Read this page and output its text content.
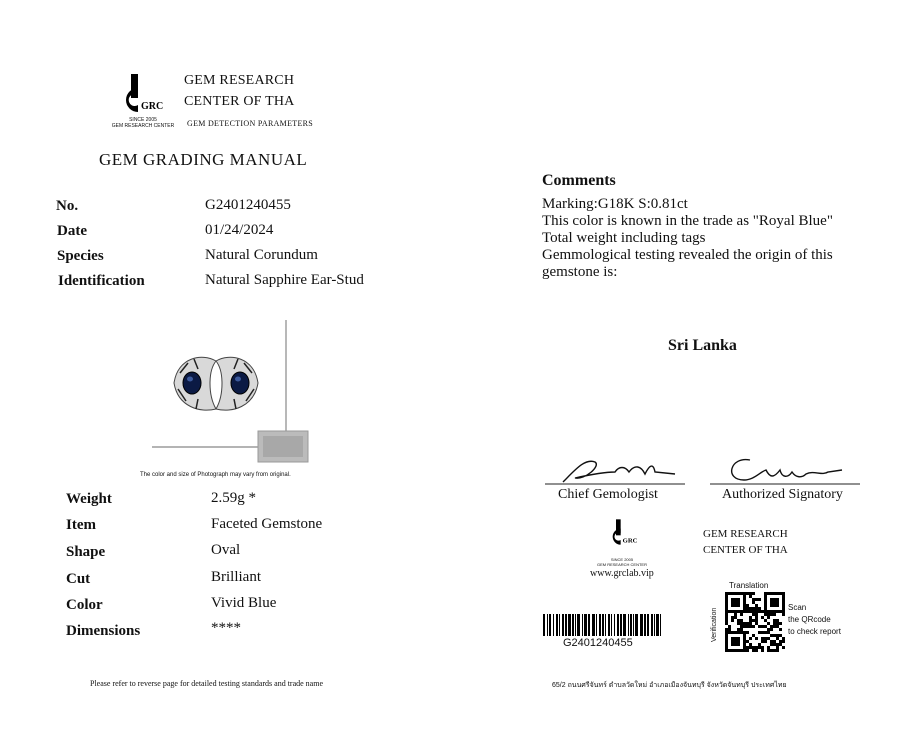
GRC
SINCE 2005
GEM RESEARCH CENTER
GEM RESEARCH
CENTER OF THA
GEM DETECTION PARAMETERS
GEM GRADING MANUAL
No.	G2401240455
Date	01/24/2024
Species	Natural Corundum
Identification	Natural Sapphire Ear-Stud
The color and size of Photograph may vary from original.
Weight	2.59g *
Item	Faceted Gemstone
Shape	Oval
Cut	Brilliant
Color	Vivid Blue
Dimensions	****
Please refer to reverse page for detailed testing standards and trade name
Comments
Marking:G18K S:0.81ct
This color is known in the trade as "Royal Blue"
Total weight including tags
Gemmological testing revealed the origin of this
gemstone is:
Sri Lanka
Chief Gemologist	Authorized Signatory
GRC
SINCE 2005
GEM RESEARCH CENTER
www.grclab.vip
GEM RESEARCH
CENTER OF THA
G2401240455
Translation
Verification
Scan
the QRcode
to check report
65/2 ถนนศรีจันทร์ ตำบลวัดใหม่ อำเภอเมืองจันทบุรี จังหวัดจันทบุรี ประเทศไทย
